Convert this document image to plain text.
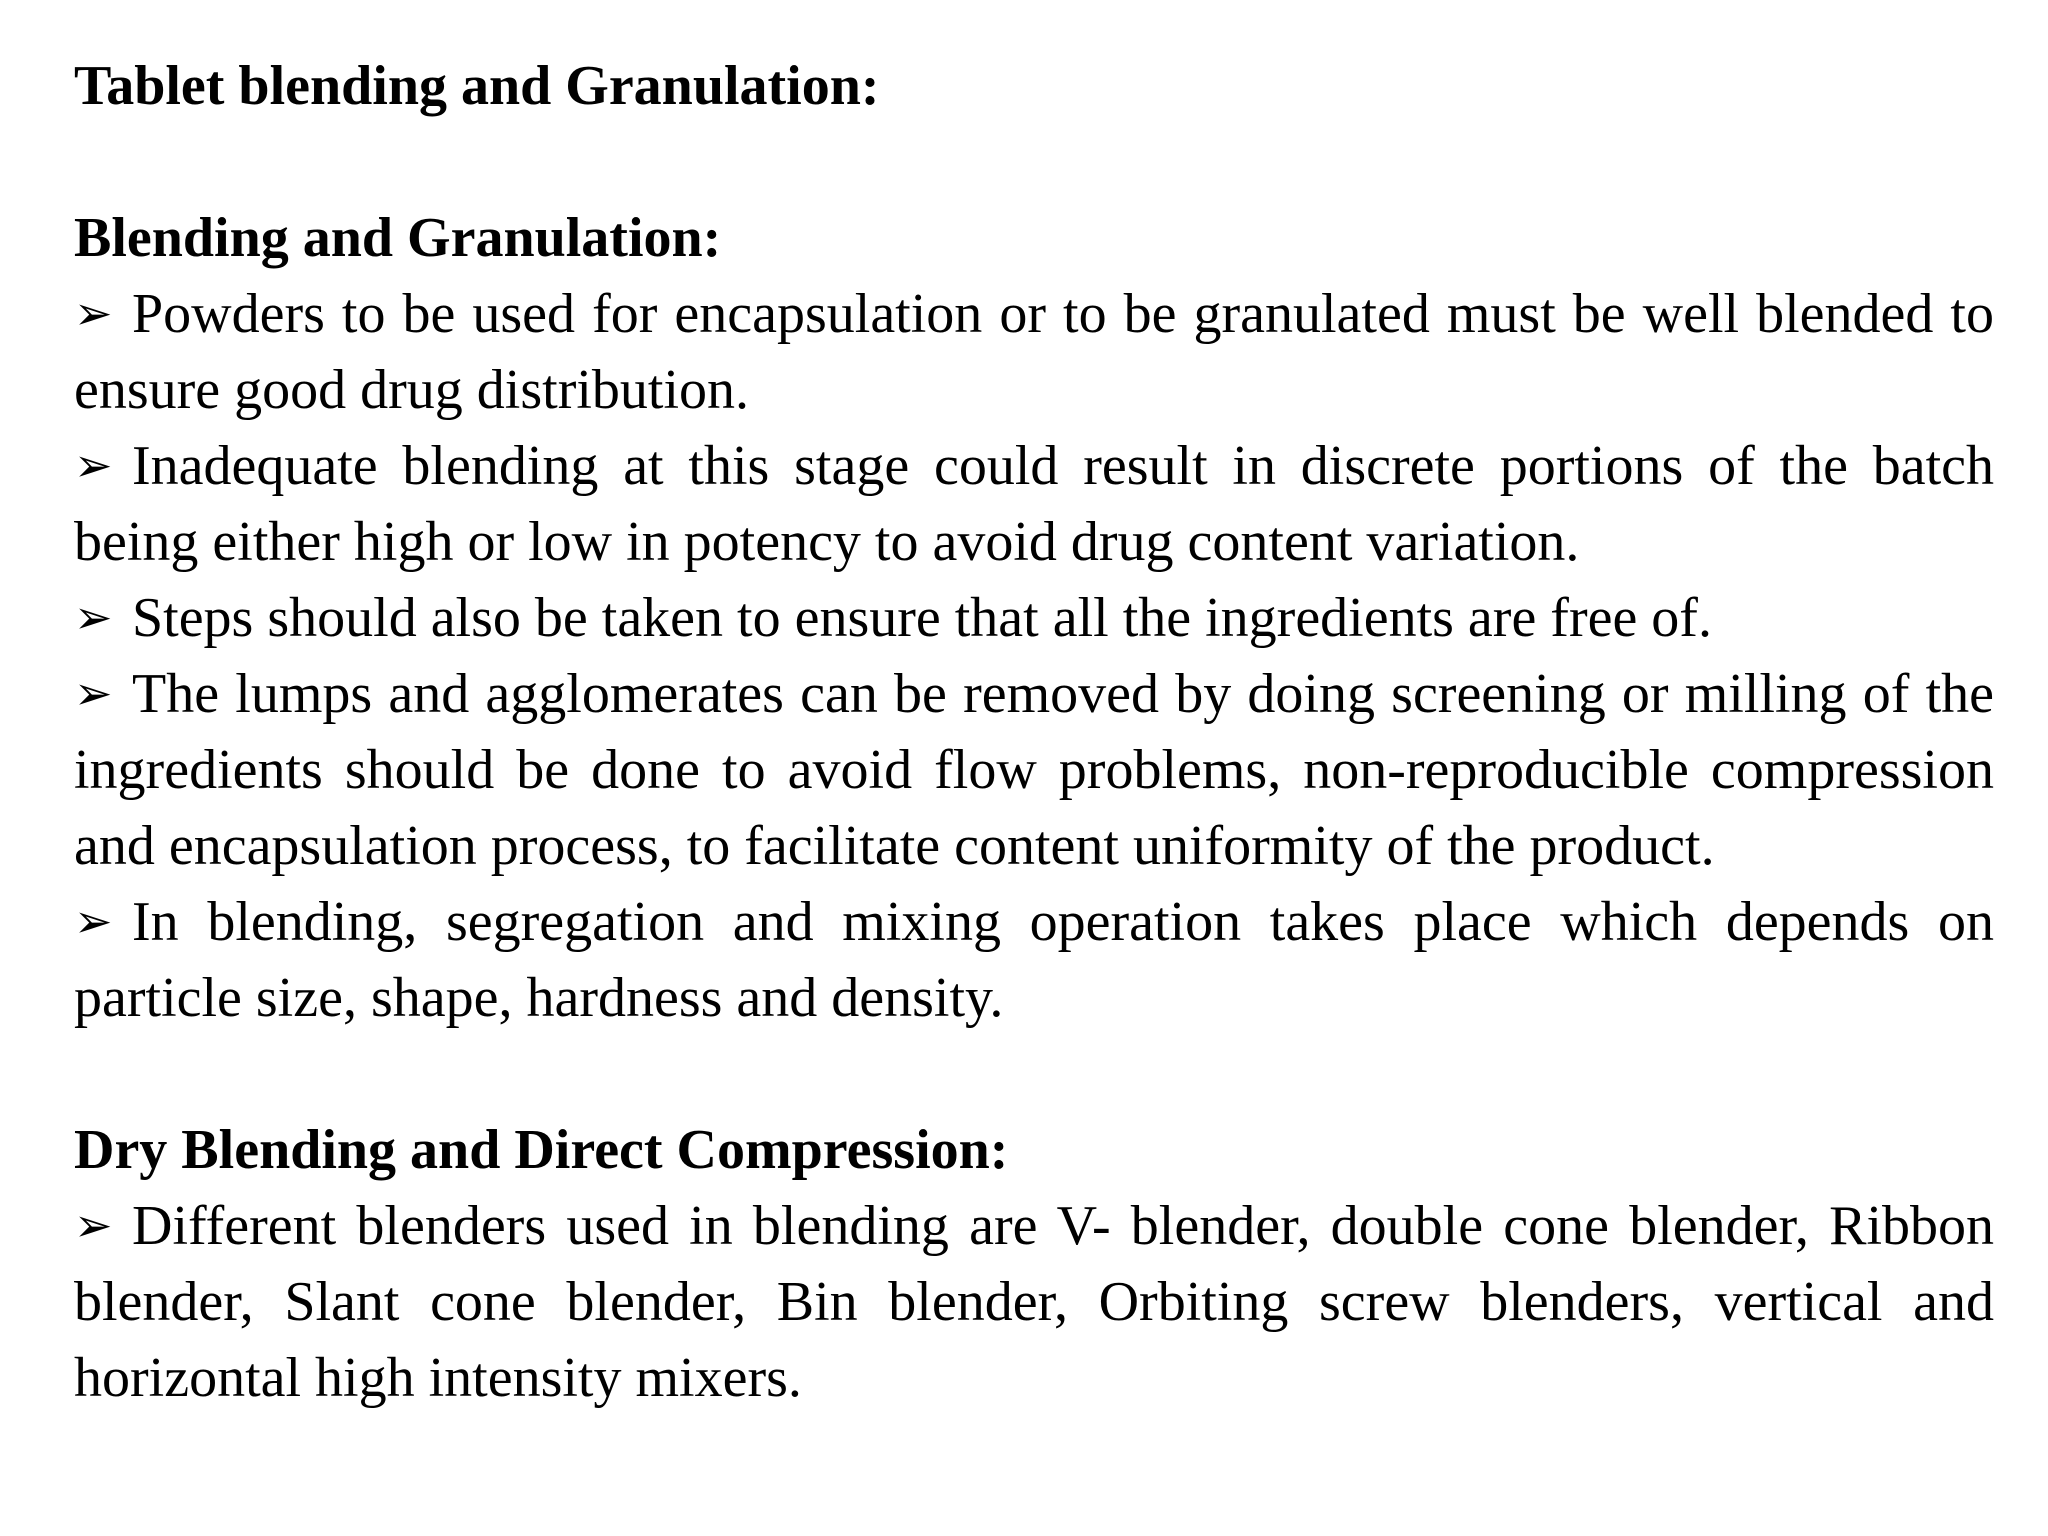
Tablet blending and Granulation:

Blending and Granulation:

➢ Powders to be used for encapsulation or to be granulated must be well blended to ensure good drug distribution.

➢ Inadequate blending at this stage could result in discrete portions of the batch being either high or low in potency to avoid drug content variation.

➢ Steps should also be taken to ensure that all the ingredients are free of.

➢ The lumps and agglomerates can be removed by doing screening or milling of the ingredients should be done to avoid flow problems, non-reproducible compression and encapsulation process, to facilitate content uniformity of the product.

➢ In blending, segregation and mixing operation takes place which depends on particle size, shape, hardness and density.

Dry Blending and Direct Compression:

➢ Different blenders used in blending are V- blender, double cone blender, Ribbon blender, Slant cone blender, Bin blender, Orbiting screw blenders, vertical and horizontal high intensity mixers.
